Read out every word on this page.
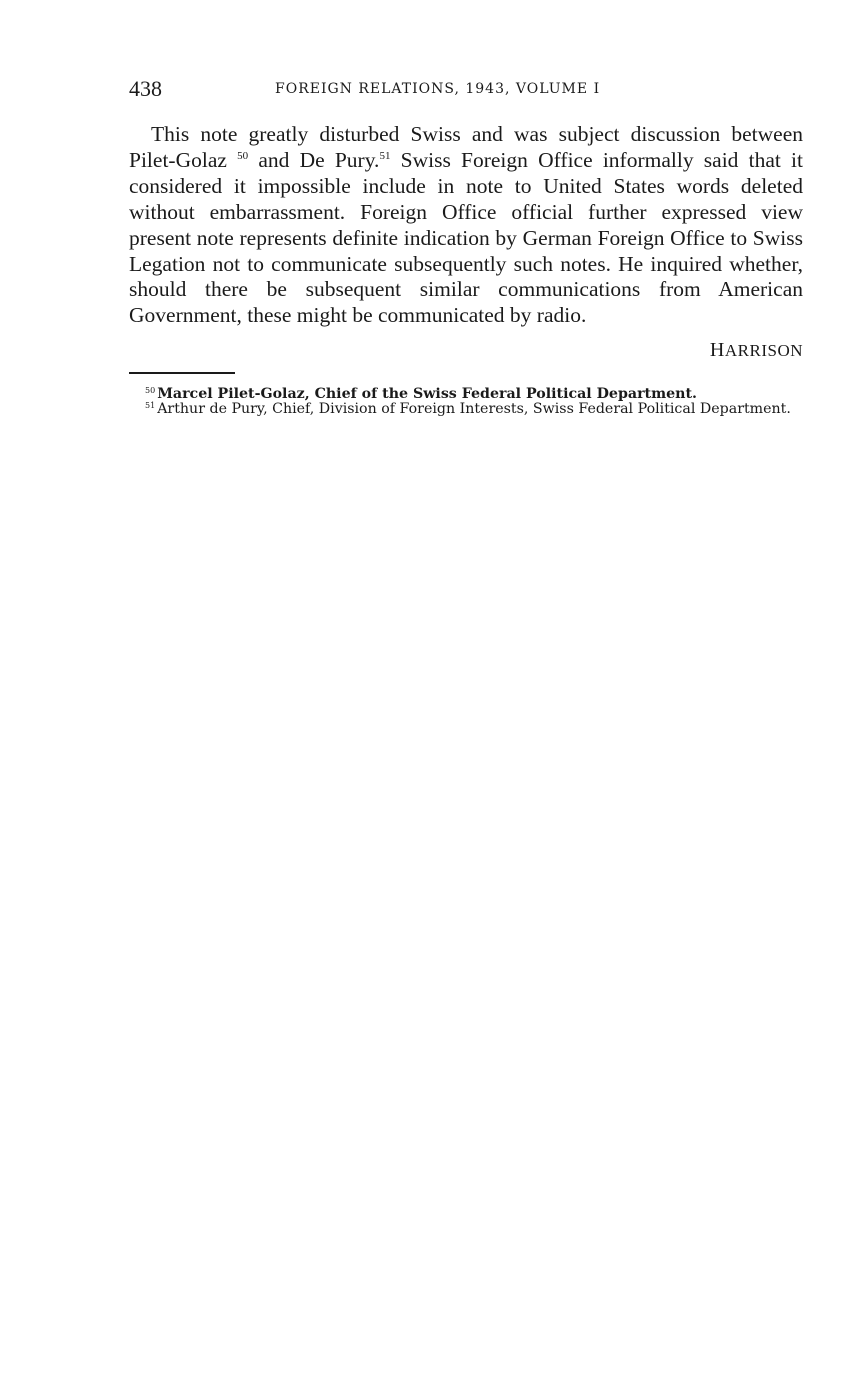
438	FOREIGN RELATIONS, 1943, VOLUME I

This note greatly disturbed Swiss and was subject discussion between Pilet-Golaz $^{50}$ and De Pury.$^{51}$ Swiss Foreign Office informally said that it considered it impossible include in note to United States words deleted without embarrassment. Foreign Office official further expressed view present note represents definite indication by German Foreign Office to Swiss Legation not to communicate subsequently such notes. He inquired whether, should there be subsequent similar communications from American Government, these might be communicated by radio.

HARRISON

$^{50}$ Marcel Pilet-Golaz, Chief of the Swiss Federal Political Department.

$^{51}$ Arthur de Pury, Chief, Division of Foreign Interests, Swiss Federal Political Department.
